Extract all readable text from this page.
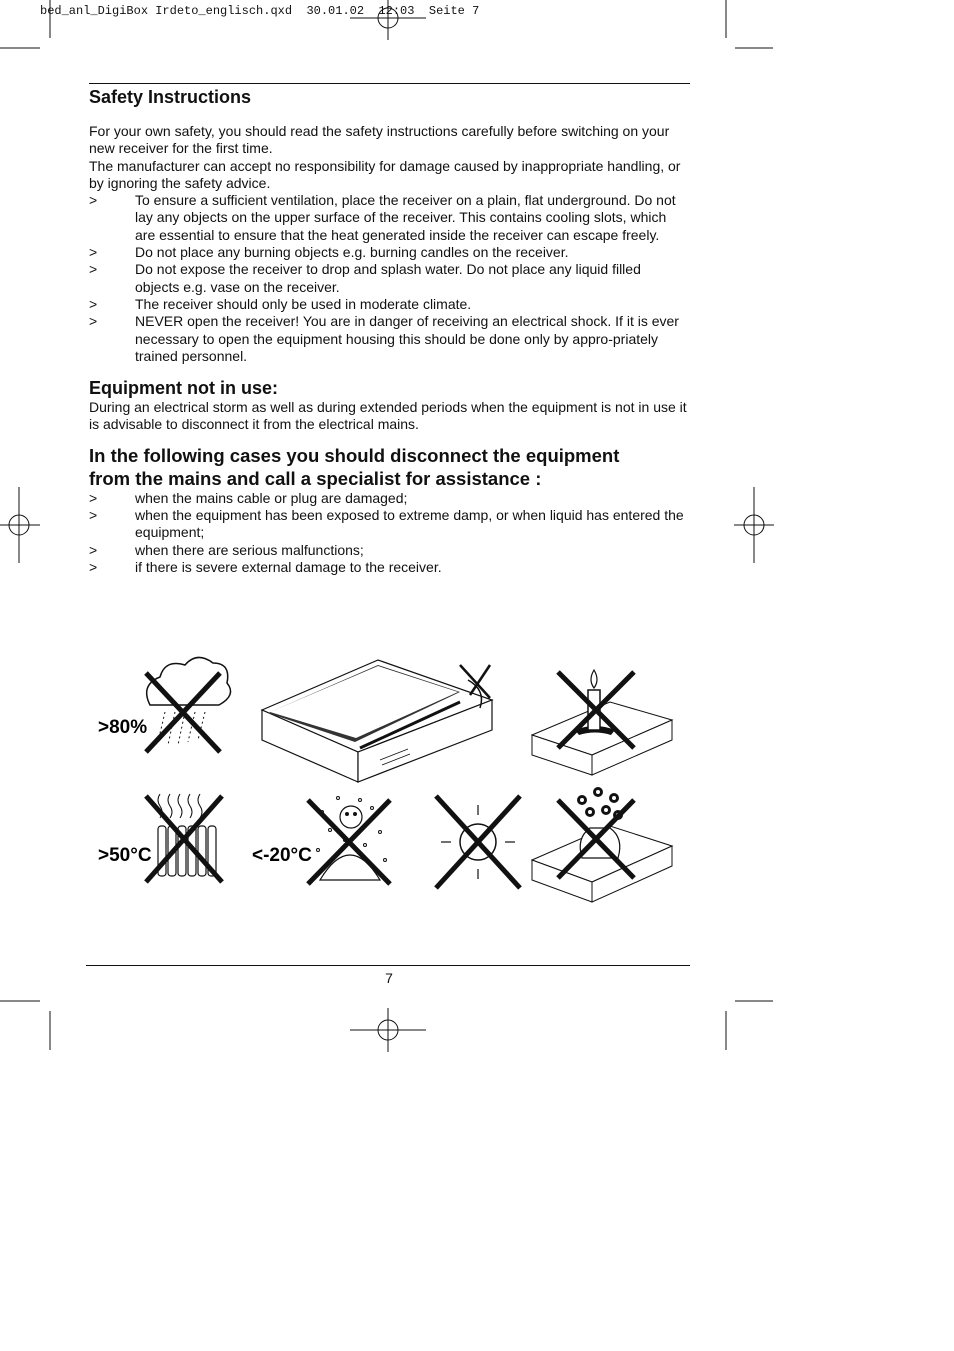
bed_anl_DigiBox Irdeto_englisch.qxd  30.01.02  12:03  Seite 7
Safety Instructions

For your own safety, you should read the safety instructions carefully before switching on your new receiver for the first time.

The manufacturer can accept no responsibility for damage caused by inappropriate handling, or by ignoring the safety advice.

>	To ensure a sufficient ventilation, place the receiver on a plain, flat underground. Do not lay any objects on the upper surface of the receiver. This contains cooling slots, which are essential to ensure that the heat generated inside the receiver can escape freely.
>	Do not place any burning objects e.g. burning candles on the receiver.
>	Do not expose the receiver to drop and splash water. Do not place any liquid filled objects e.g. vase on the receiver.
>	The receiver should only be used in moderate climate.
>	NEVER open the receiver! You are in danger of receiving an electrical shock. If it is ever necessary to open the equipment housing this should be done only by appro-priately trained personnel.
Equipment not in use:

During an electrical storm as well as during extended periods when the equipment is not in use it is advisable to disconnect it from the electrical mains.

In the following cases you should disconnect the equipment
from the mains and call a specialist for assistance :
>	when the mains cable or plug are damaged;
>	when the equipment has been exposed to extreme damp, or when liquid has entered the equipment;
>	when there are serious malfunctions;
>	if there is severe external damage to the receiver.
>80%
>50°C	<-20°C
7
